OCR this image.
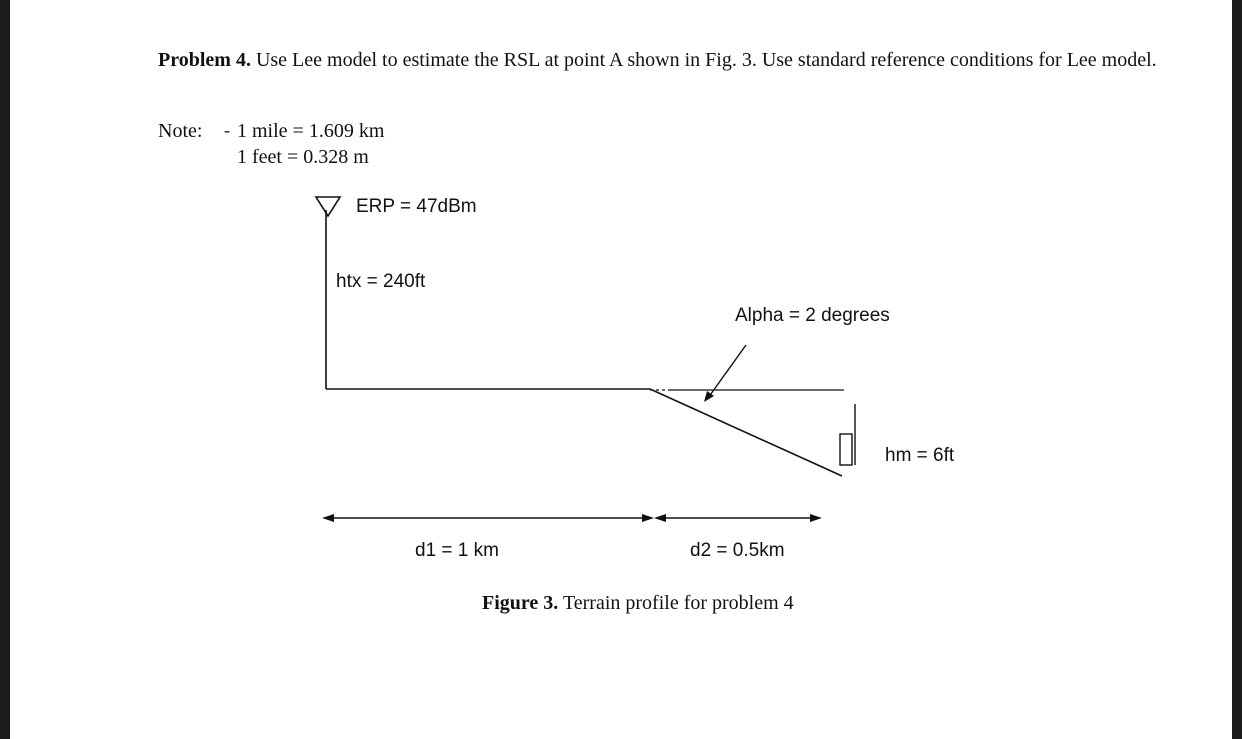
Problem 4. Use Lee model to estimate the RSL at point A shown in Fig. 3. Use standard reference conditions for Lee model.
Note: - 1 mile = 1.609 km
1 feet = 0.328 m
ERP = 47dBm
htx = 240ft
Alpha = 2 degrees
hm = 6ft
d1 = 1 km	d2 = 0.5km
Figure 3. Terrain profile for problem 4
